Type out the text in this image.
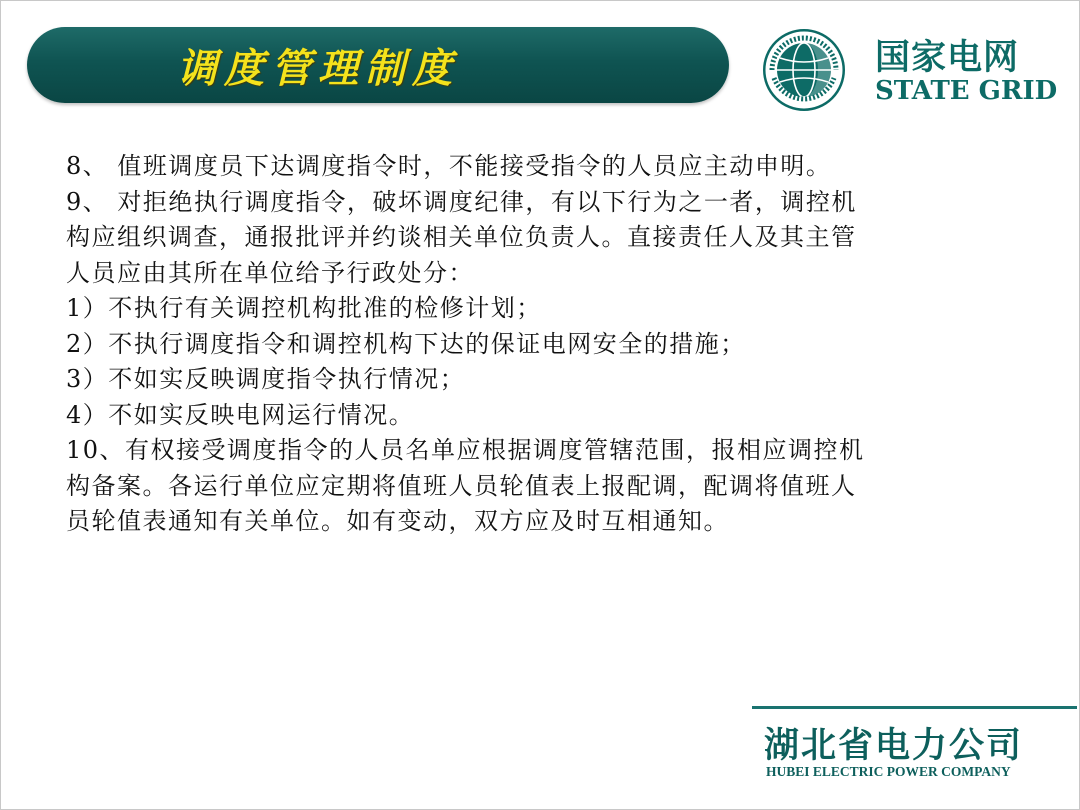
调度管理制度	国家电网
STATE GRID

8、 值班调度员下达调度指令时，不能接受指令的人员应主动申明。

9、 对拒绝执行调度指令，破坏调度纪律，有以下行为之一者，调控机

构应组织调查，通报批评并约谈相关单位负责人。直接责任人及其主管

人员应由其所在单位给予行政处分：

1）不执行有关调控机构批准的检修计划；

2）不执行调度指令和调控机构下达的保证电网安全的措施；

3）不如实反映调度指令执行情况；

4）不如实反映电网运行情况。

10、有权接受调度指令的人员名单应根据调度管辖范围，报相应调控机

构备案。各运行单位应定期将值班人员轮值表上报配调，配调将值班人

员轮值表通知有关单位。如有变动，双方应及时互相通知。

湖北省电力公司
HUBEI ELECTRIC POWER COMPANY
